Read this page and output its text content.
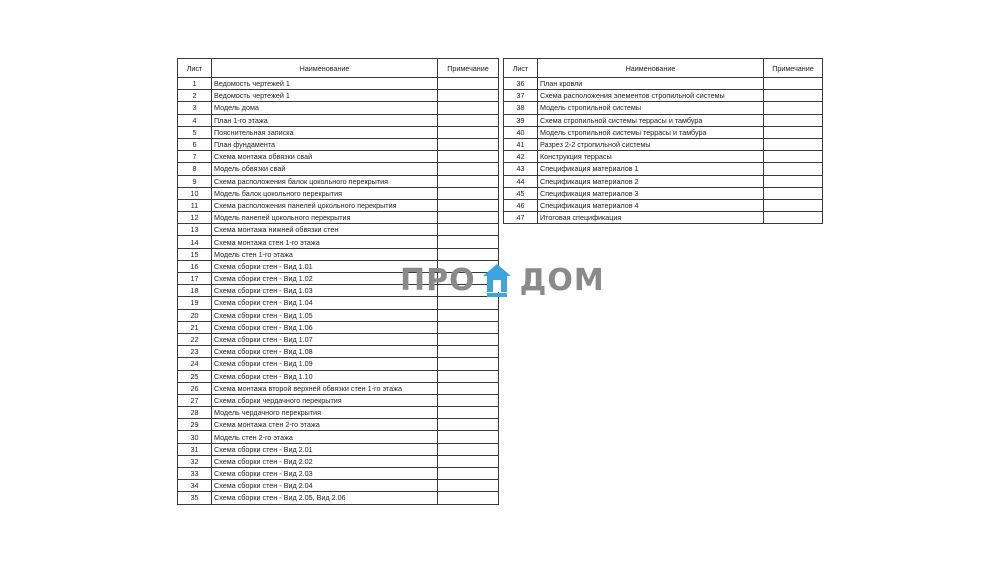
Лист	Наименование	Примечание
1	Ведомость чертежей 1	
2	Ведомость чертежей 1	
3	Модель дома	
4	План 1-го этажа	
5	Пояснительная записка	
6	План фундамента	
7	Схема монтажа обвязки свай	
8	Модель обвязки свай	
9	Схема расположения балок цокольного перекрытия	
10	Модель балок цокольного перекрытия	
11	Схема расположения панелей цокольного перекрытия	
12	Модель панелей цокольного перекрытия	
13	Схема монтажа нижней обвязки стен	
14	Схема монтажа стен 1-го этажа	
15	Модель стен 1-го этажа	
16	Схема сборки стен - Вид 1.01	
17	Схема сборки стен - Вид 1.02	
18	Схема сборки стен - Вид 1.03	
19	Схема сборки стен - Вид 1.04	
20	Схема сборки стен - Вид 1.05	
21	Схема сборки стен - Вид 1.06	
22	Схема сборки стен - Вид 1.07	
23	Схема сборки стен - Вид 1.08	
24	Схема сборки стен - Вид 1.09	
25	Схема сборки стен - Вид 1.10	
26	Схема монтажа второй верхней обвязки стен 1-го этажа	
27	Схема сборки чердачного перекрытия	
28	Модель чердачного перекрытия	
29	Схема монтажа стен 2-го этажа	
30	Модель стен 2-го этажа	
31	Схема сборки стен - Вид 2.01	
32	Схема сборки стен - Вид 2.02	
33	Схема сборки стен - Вид 2.03	
34	Схема сборки стен - Вид 2.04	
35	Схема сборки стен - Вид 2.05, Вид 2.06	
Лист	Наименование	Примечание
36	План кровли	
37	Схема расположения элементов стропильной системы	
38	Модель стропильной системы	
39	Схема стропильной системы террасы и тамбура	
40	Модель стропильной системы террасы и тамбура	
41	Разрез 2-2 стропильной системы	
42	Конструкция террасы	
43	Спецификация материалов 1	
44	Спецификация материалов 2	
45	Спецификация материалов 3	
46	Спецификация материалов 4	
47	Итоговая спецификация	
ПРО ДОМ
